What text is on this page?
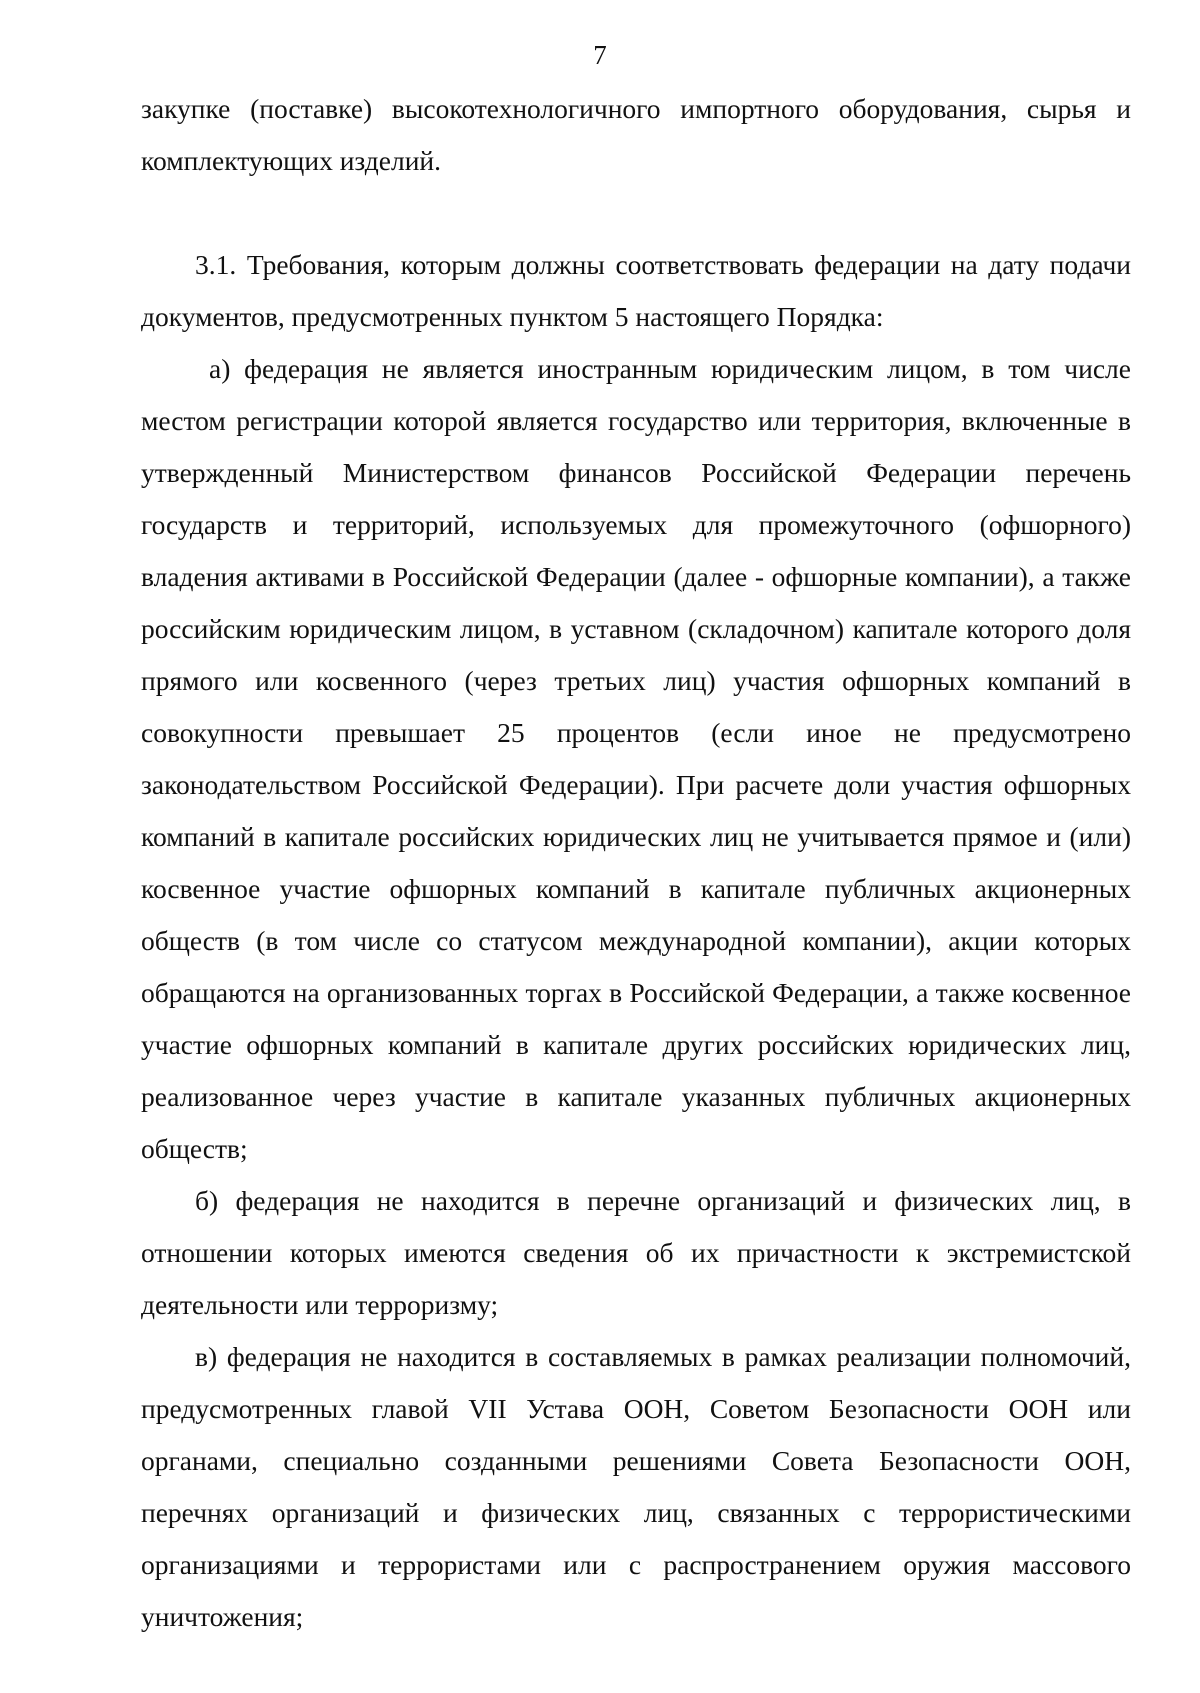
7

закупке (поставке) высокотехнологичного импортного оборудования, сырья и комплектующих изделий.

3.1. Требования, которым должны соответствовать федерации на дату подачи документов, предусмотренных пунктом 5 настоящего Порядка:

а) федерация не является иностранным юридическим лицом, в том числе местом регистрации которой является государство или территория, включенные в утвержденный Министерством финансов Российской Федерации перечень государств и территорий, используемых для промежуточного (офшорного) владения активами в Российской Федерации (далее - офшорные компании), а также российским юридическим лицом, в уставном (складочном) капитале которого доля прямого или косвенного (через третьих лиц) участия офшорных компаний в совокупности превышает 25 процентов (если иное не предусмотрено законодательством Российской Федерации). При расчете доли участия офшорных компаний в капитале российских юридических лиц не учитывается прямое и (или) косвенное участие офшорных компаний в капитале публичных акционерных обществ (в том числе со статусом международной компании), акции которых обращаются на организованных торгах в Российской Федерации, а также косвенное участие офшорных компаний в капитале других российских юридических лиц, реализованное через участие в капитале указанных публичных акционерных обществ;

б) федерация не находится в перечне организаций и физических лиц, в отношении которых имеются сведения об их причастности к экстремистской деятельности или терроризму;

в) федерация не находится в составляемых в рамках реализации полномочий, предусмотренных главой VII Устава ООН, Советом Безопасности ООН или органами, специально созданными решениями Совета Безопасности ООН, перечнях организаций и физических лиц, связанных с террористическими организациями и террористами или с распространением оружия массового уничтожения;
